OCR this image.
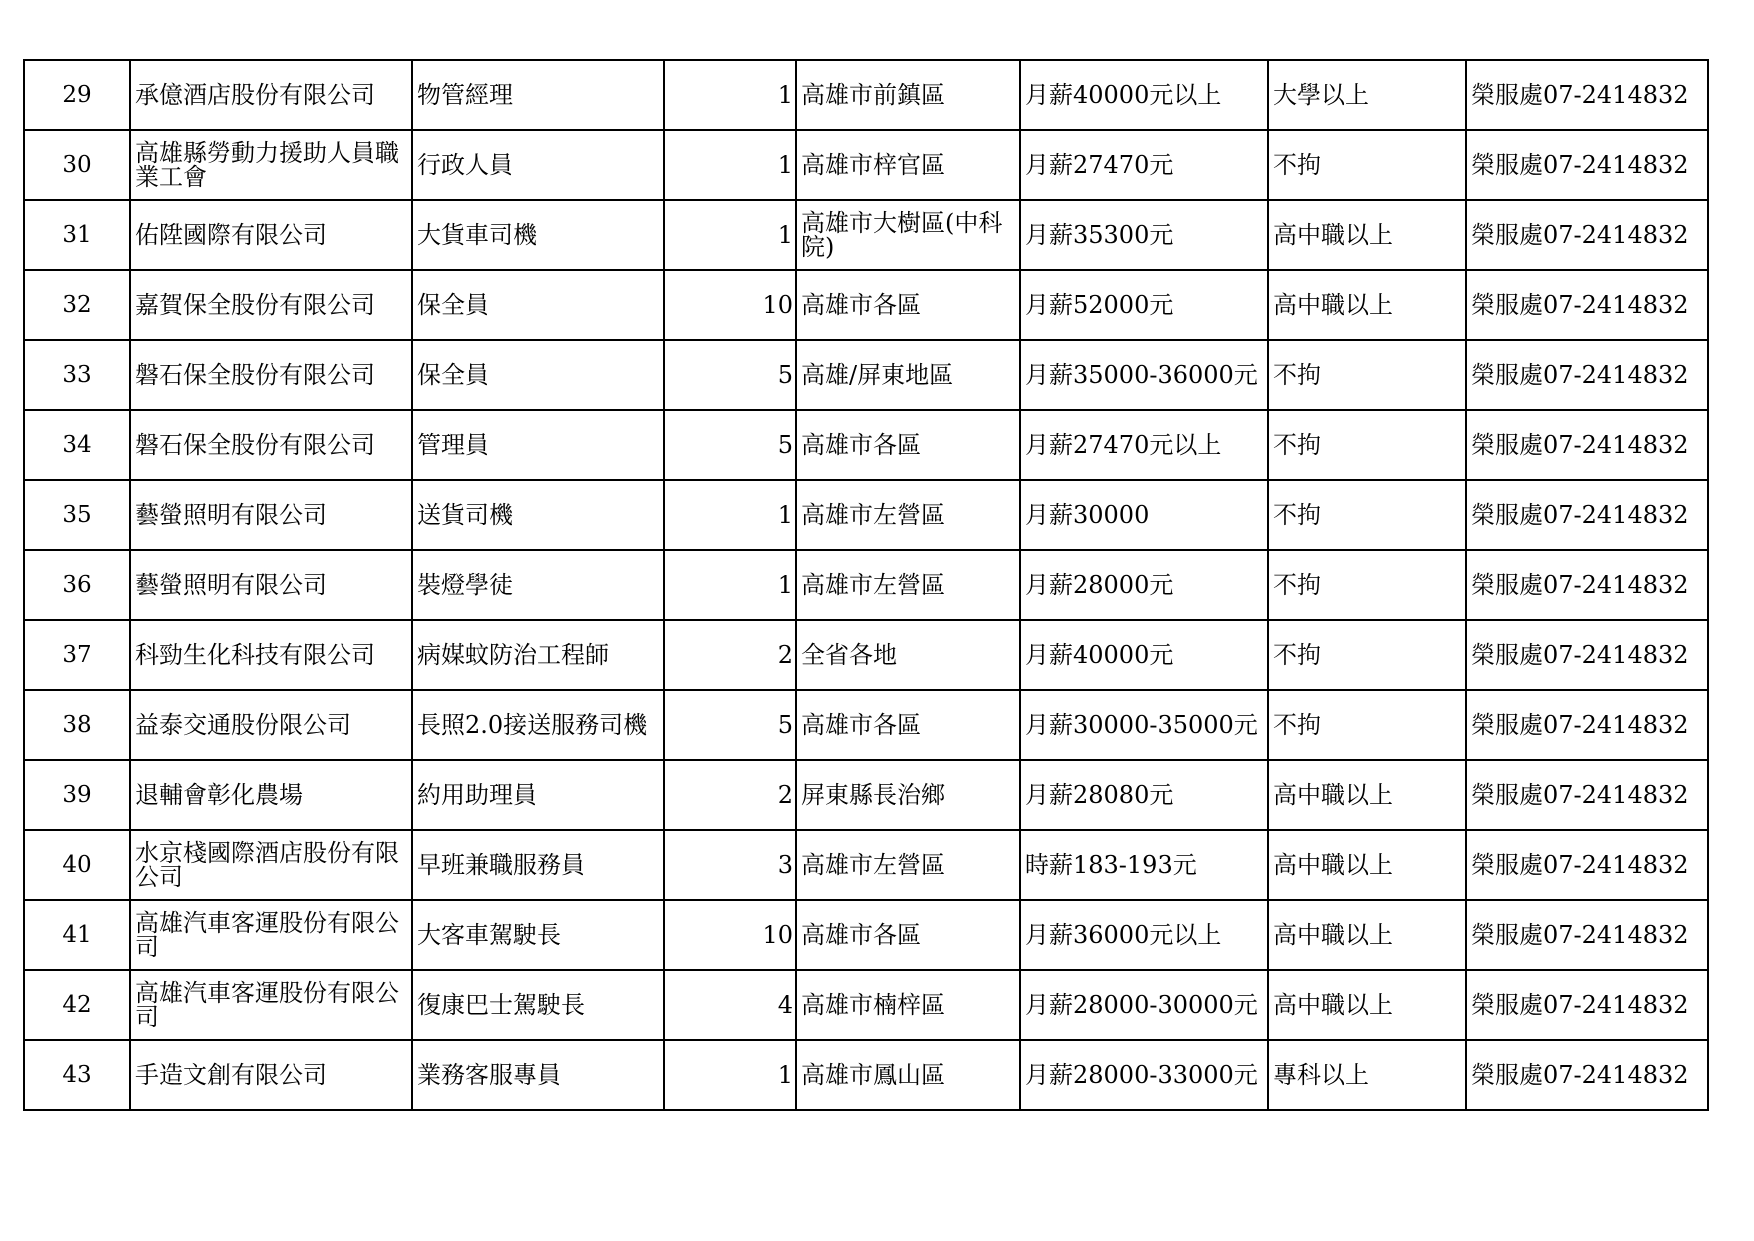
29	承億酒店股份有限公司	物管經理	1	高雄市前鎮區	月薪40000元以上	大學以上	榮服處07-2414832
30	高雄縣勞動力援助人員職業工會	行政人員	1	高雄市梓官區	月薪27470元	不拘	榮服處07-2414832
31	佑陞國際有限公司	大貨車司機	1	高雄市大樹區(中科院)	月薪35300元	高中職以上	榮服處07-2414832
32	嘉賀保全股份有限公司	保全員	10	高雄市各區	月薪52000元	高中職以上	榮服處07-2414832
33	磐石保全股份有限公司	保全員	5	高雄/屏東地區	月薪35000-36000元	不拘	榮服處07-2414832
34	磐石保全股份有限公司	管理員	5	高雄市各區	月薪27470元以上	不拘	榮服處07-2414832
35	藝螢照明有限公司	送貨司機	1	高雄市左營區	月薪30000	不拘	榮服處07-2414832
36	藝螢照明有限公司	裝燈學徒	1	高雄市左營區	月薪28000元	不拘	榮服處07-2414832
37	科勁生化科技有限公司	病媒蚊防治工程師	2	全省各地	月薪40000元	不拘	榮服處07-2414832
38	益泰交通股份限公司	長照2.0接送服務司機	5	高雄市各區	月薪30000-35000元	不拘	榮服處07-2414832
39	退輔會彰化農場	約用助理員	2	屏東縣長治鄉	月薪28080元	高中職以上	榮服處07-2414832
40	水京棧國際酒店股份有限公司	早班兼職服務員	3	高雄市左營區	時薪183-193元	高中職以上	榮服處07-2414832
41	高雄汽車客運股份有限公司	大客車駕駛長	10	高雄市各區	月薪36000元以上	高中職以上	榮服處07-2414832
42	高雄汽車客運股份有限公司	復康巴士駕駛長	4	高雄市楠梓區	月薪28000-30000元	高中職以上	榮服處07-2414832
43	手造文創有限公司	業務客服專員	1	高雄市鳳山區	月薪28000-33000元	專科以上	榮服處07-2414832
